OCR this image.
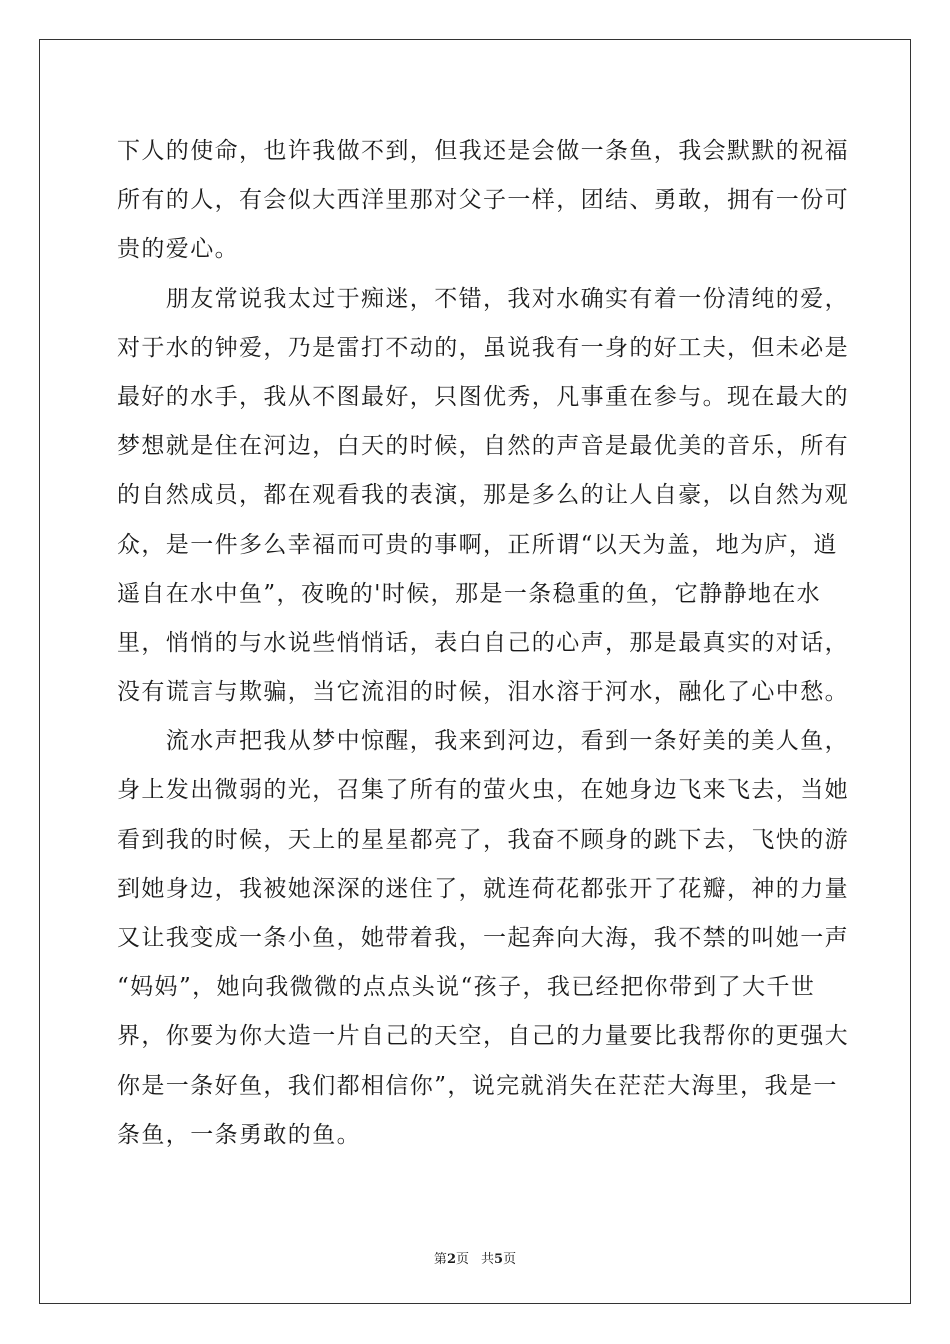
下人的使命，也许我做不到，但我还是会做一条鱼，我会默默的祝福
所有的人，有会似大西洋里那对父子一样，团结、勇敢，拥有一份可
贵的爱心。
　　朋友常说我太过于痴迷，不错，我对水确实有着一份清纯的爱，
对于水的钟爱，乃是雷打不动的，虽说我有一身的好工夫，但未必是
最好的水手，我从不图最好，只图优秀，凡事重在参与。现在最大的
梦想就是住在河边，白天的时候，自然的声音是最优美的音乐，所有
的自然成员，都在观看我的表演，那是多么的让人自豪，以自然为观
众，是一件多么幸福而可贵的事啊，正所谓“以天为盖，地为庐，逍
遥自在水中鱼”，夜晚的'时候，那是一条稳重的鱼，它静静地在水
里，悄悄的与水说些悄悄话，表白自己的心声，那是最真实的对话，
没有谎言与欺骗，当它流泪的时候，泪水溶于河水，融化了心中愁。
　　流水声把我从梦中惊醒，我来到河边，看到一条好美的美人鱼，
身上发出微弱的光，召集了所有的萤火虫，在她身边飞来飞去，当她
看到我的时候，天上的星星都亮了，我奋不顾身的跳下去，飞快的游
到她身边，我被她深深的迷住了，就连荷花都张开了花瓣，神的力量
又让我变成一条小鱼，她带着我，一起奔向大海，我不禁的叫她一声
“妈妈”，她向我微微的点点头说“孩子，我已经把你带到了大千世
界，你要为你大造一片自己的天空，自己的力量要比我帮你的更强大
你是一条好鱼，我们都相信你”，说完就消失在茫茫大海里，我是一
条鱼，一条勇敢的鱼。
第2页 共5页
